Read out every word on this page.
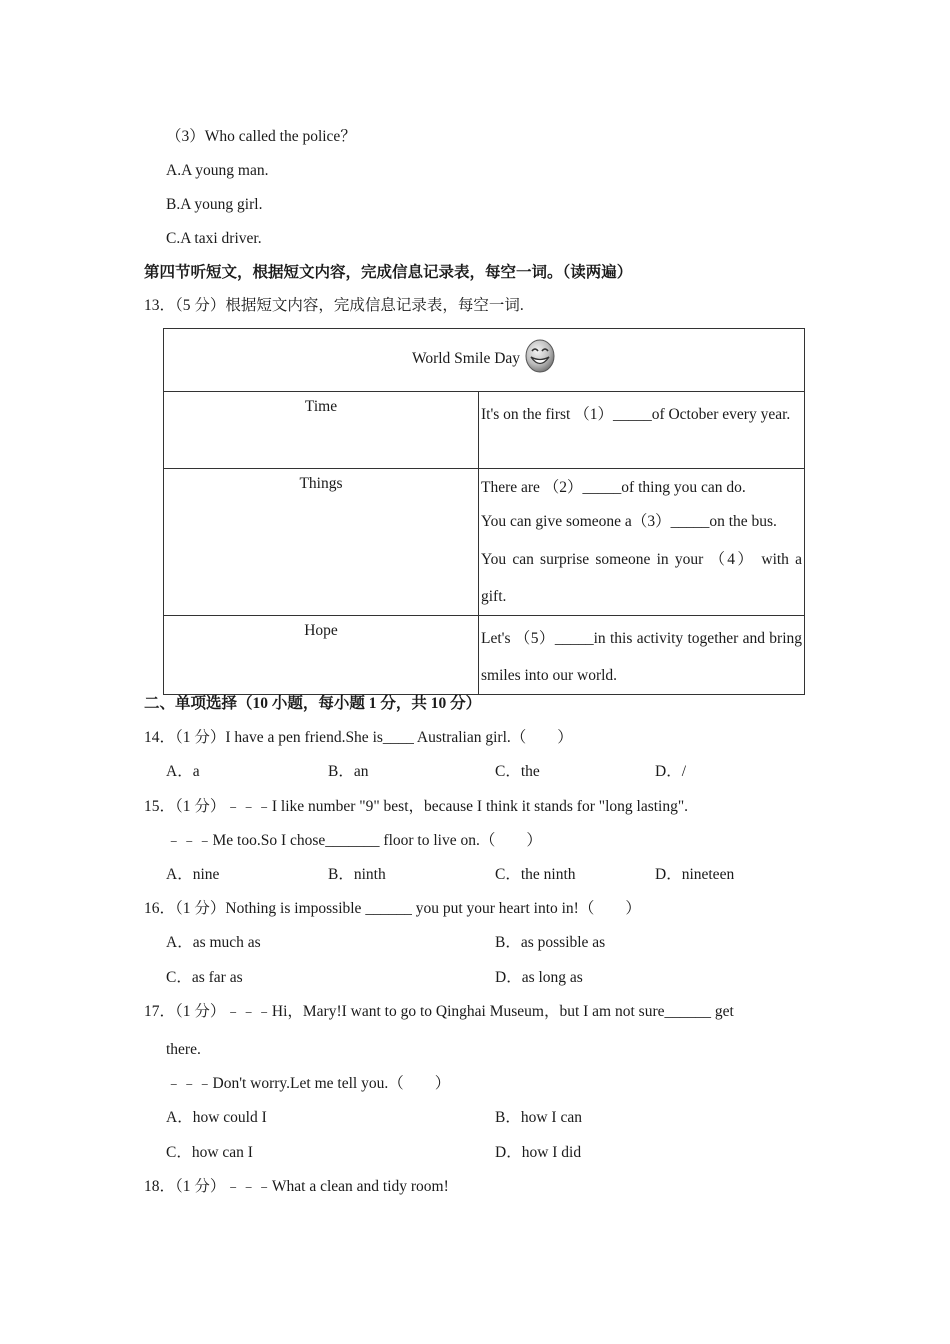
（3）Who called the police？
A.A young man.
B.A young girl.
C.A taxi driver.
第四节听短文，根据短文内容，完成信息记录表，每空一词。（读两遍）
13．（5 分）根据短文内容，完成信息记录表，每空一词.
World Smile Day	

Time	It's on the first （1）_____of October every year.

Things	There are （2）_____of thing you can do.

You can give someone a（3）_____on the bus.

You can surprise someone in your （4） with a gift.

Hope	Let's （5）_____in this activity together and bring smiles into our world.

二、单项选择（10 小题，每小题 1 分，共 10 分）
14．（1 分）I have a pen friend.She is____ Australian girl.（　　）
A．a	B．an	C．the	D．/
15．（1 分）﹣﹣﹣I like number "9" best，because I think it stands for "long lasting".
﹣﹣﹣Me too.So I chose_______ floor to live on.（　　）
A．nine	B．ninth	C．the ninth	D．nineteen
16．（1 分）Nothing is impossible ______ you put your heart into in!（　　）
A．as much as	B．as possible as
C．as far as	D．as long as
17．（1 分）﹣﹣﹣Hi，Mary!I want to go to Qinghai Museum，but I am not sure______ get
there.
﹣﹣﹣Don't worry.Let me tell you.（　　）
A．how could I	B．how I can
C．how can I	D．how I did
18．（1 分）﹣﹣﹣What a clean and tidy room!
